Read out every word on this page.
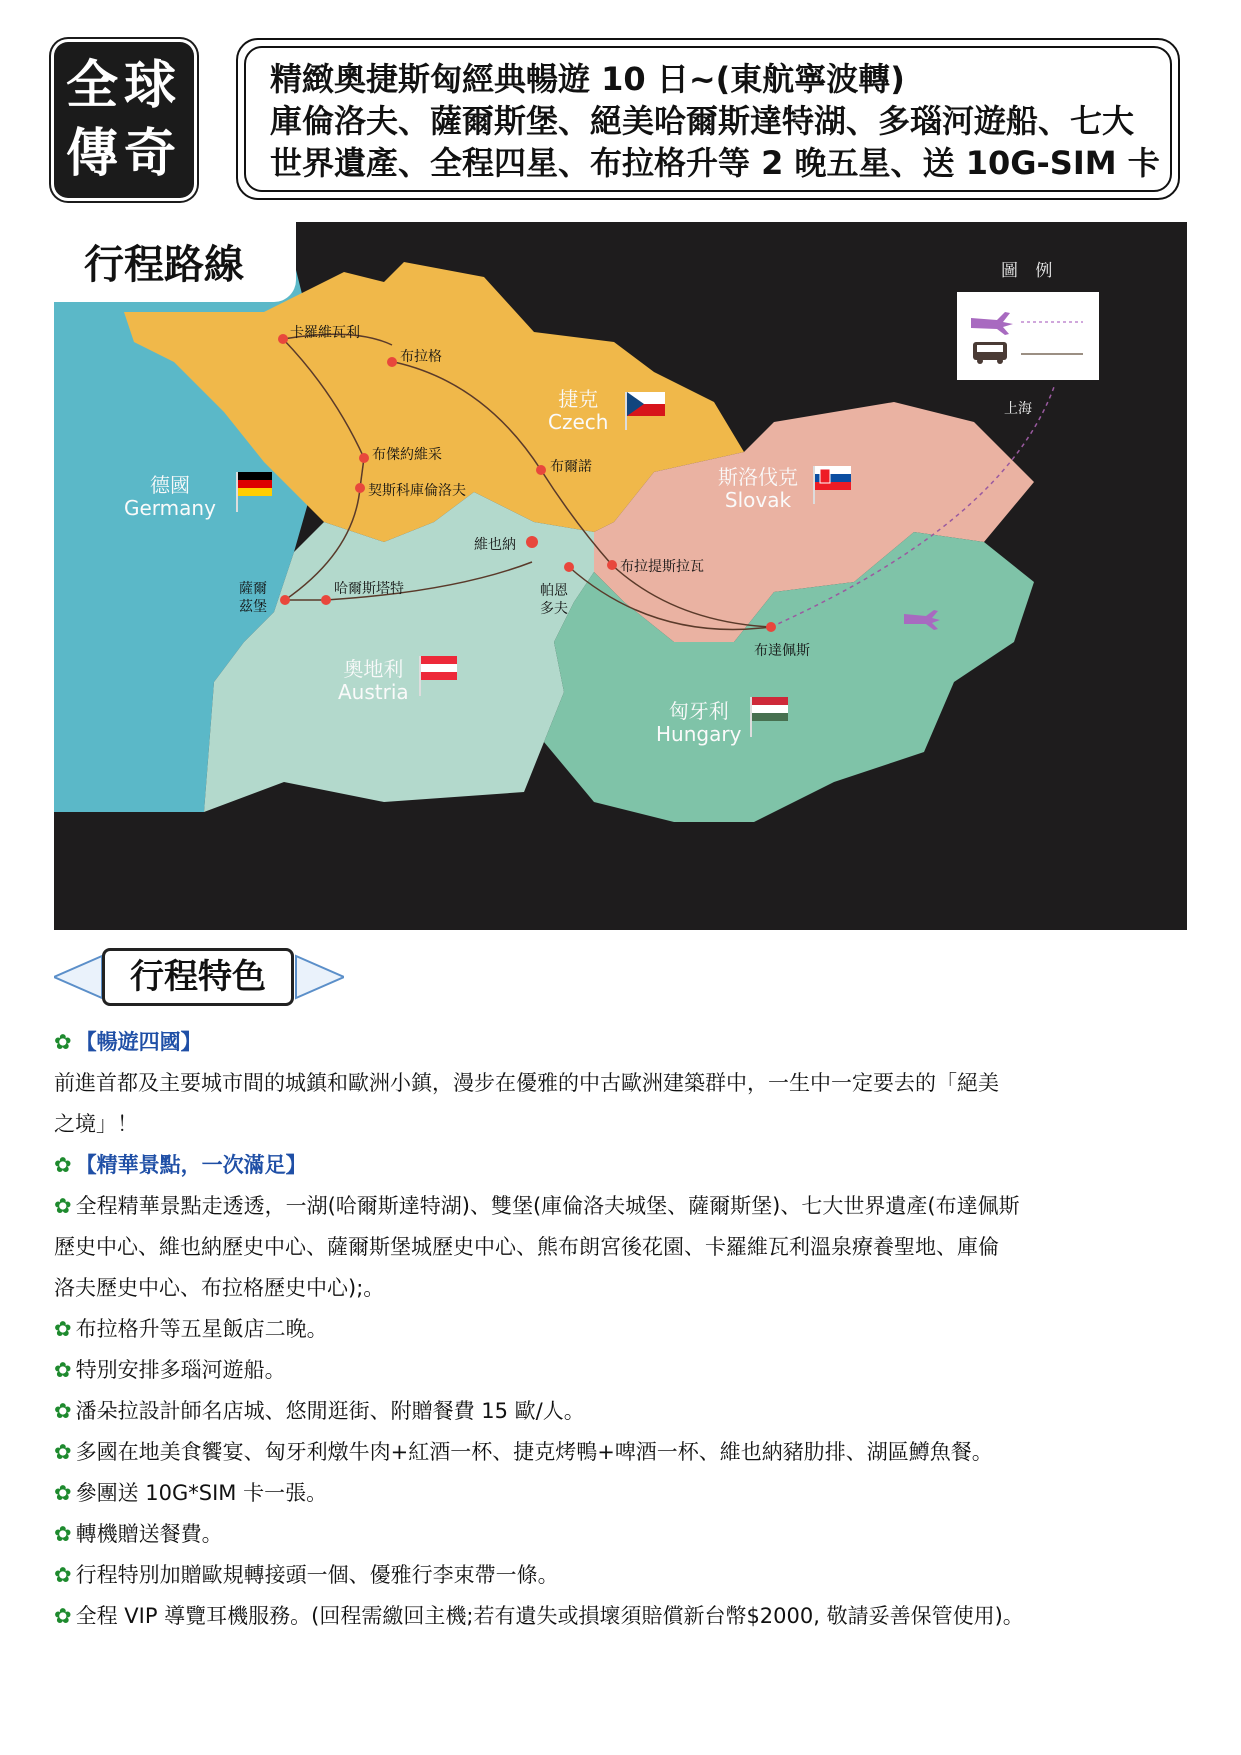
全球
傳奇
精緻奧捷斯匈經典暢遊 10 日~(東航寧波轉)
庫倫洛夫、薩爾斯堡、絕美哈爾斯達特湖、多瑙河遊船、七大
世界遺產、全程四星、布拉格升等 2 晚五星、送 10G-SIM 卡
行程路線	圖 例
上海
卡羅維瓦利
布拉格
布傑約維采
契斯科庫倫洛夫
布爾諾
維也納
帕恩
多夫
布拉提斯拉瓦
薩爾
茲堡
哈爾斯塔特
布達佩斯
捷克
Czech
德國
Germany
斯洛伐克
Slovak
奧地利
Austria
匈牙利
Hungary
行程特色
✿ 【暢遊四國】
前進首都及主要城市間的城鎮和歐洲小鎮，漫步在優雅的中古歐洲建築群中，一生中一定要去的「絕美
之境」！
✿ 【精華景點，一次滿足】
✿ 全程精華景點走透透，一湖(哈爾斯達特湖)、雙堡(庫倫洛夫城堡、薩爾斯堡)、七大世界遺產(布達佩斯
歷史中心、維也納歷史中心、薩爾斯堡城歷史中心、熊布朗宮後花園、卡羅維瓦利溫泉療養聖地、庫倫
洛夫歷史中心、布拉格歷史中心);。
✿ 布拉格升等五星飯店二晚。
✿ 特別安排多瑙河遊船。
✿ 潘朵拉設計師名店城、悠閒逛街、附贈餐費 15 歐/人。
✿ 多國在地美食饗宴、匈牙利燉牛肉+紅酒一杯、捷克烤鴨+啤酒一杯、維也納豬肋排、湖區鱒魚餐。
✿ 參團送 10G*SIM 卡一張。
✿ 轉機贈送餐費。
✿ 行程特別加贈歐規轉接頭一個、優雅行李束帶一條。
✿ 全程 VIP 導覽耳機服務。(回程需繳回主機;若有遺失或損壞須賠償新台幣$2000, 敬請妥善保管使用)。
